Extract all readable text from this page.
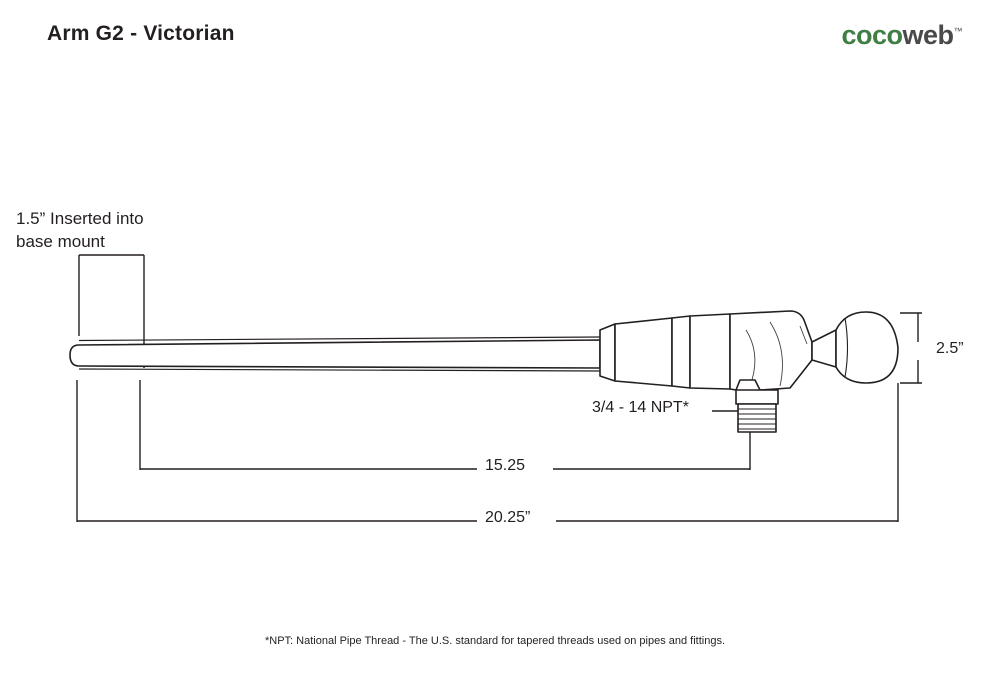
Arm G2 - Victorian	cocoweb™
1.5” Inserted into
base mount
2.5”
3/4 - 14 NPT*
15.25
20.25”
*NPT: National Pipe Thread - The U.S. standard for tapered threads used on pipes and fittings.
